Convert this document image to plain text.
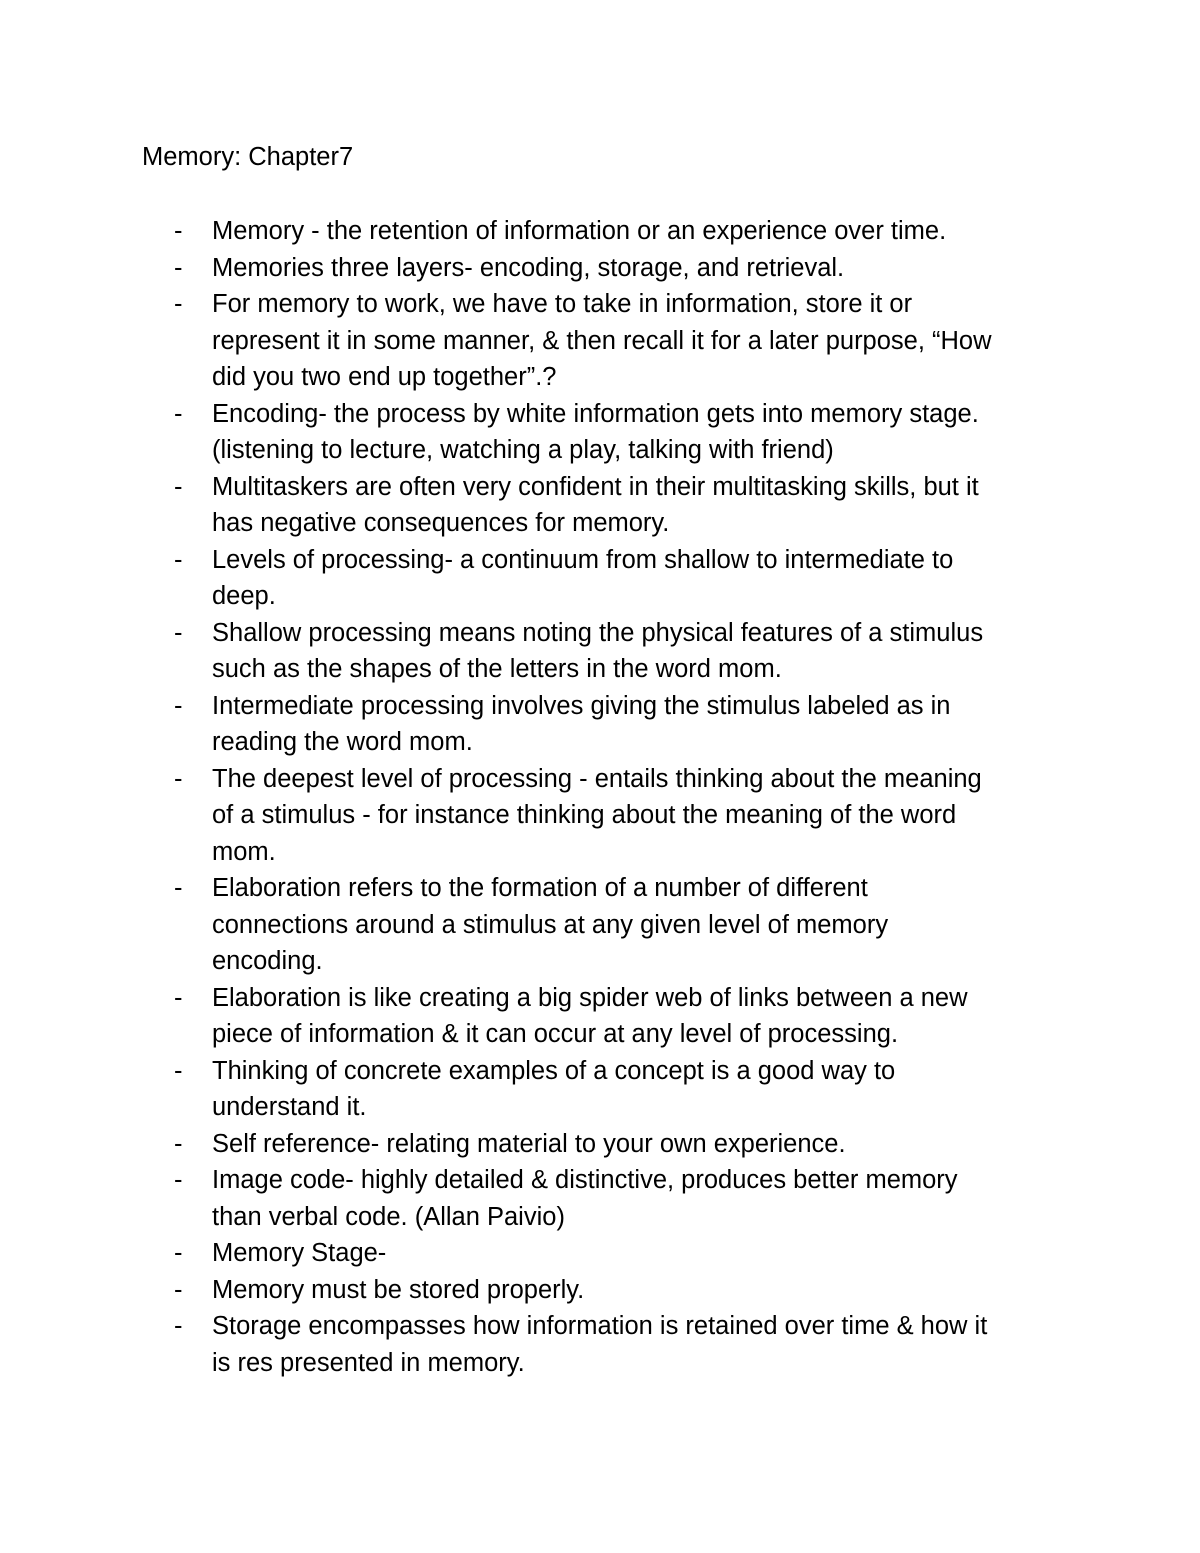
Memory: Chapter7
-	Memory - the retention of information or an experience over time.
-	Memories three layers- encoding, storage, and retrieval.
-	For memory to work, we have to take in information, store it or
represent it in some manner, & then recall it for a later purpose, “How
did you two end up together”.?
-	Encoding- the process by white information gets into memory stage.
(listening to lecture, watching a play, talking with friend)
-	Multitaskers are often very confident in their multitasking skills, but it
has negative consequences for memory.
-	Levels of processing- a continuum from shallow to intermediate to
deep.
-	Shallow processing means noting the physical features of a stimulus
such as the shapes of the letters in the word mom.
-	Intermediate processing involves giving the stimulus labeled as in
reading the word mom.
-	The deepest level of processing - entails thinking about the meaning
of a stimulus - for instance thinking about the meaning of the word
mom.
-	Elaboration refers to the formation of a number of different
connections around a stimulus at any given level of memory
encoding.
-	Elaboration is like creating a big spider web of links between a new
piece of information & it can occur at any level of processing.
-	Thinking of concrete examples of a concept is a good way to
understand it.
-	Self reference- relating material to your own experience.
-	Image code- highly detailed & distinctive, produces better memory
than verbal code. (Allan Paivio)
-	Memory Stage-
-	Memory must be stored properly.
-	Storage encompasses how information is retained over time & how it
is res presented in memory.
